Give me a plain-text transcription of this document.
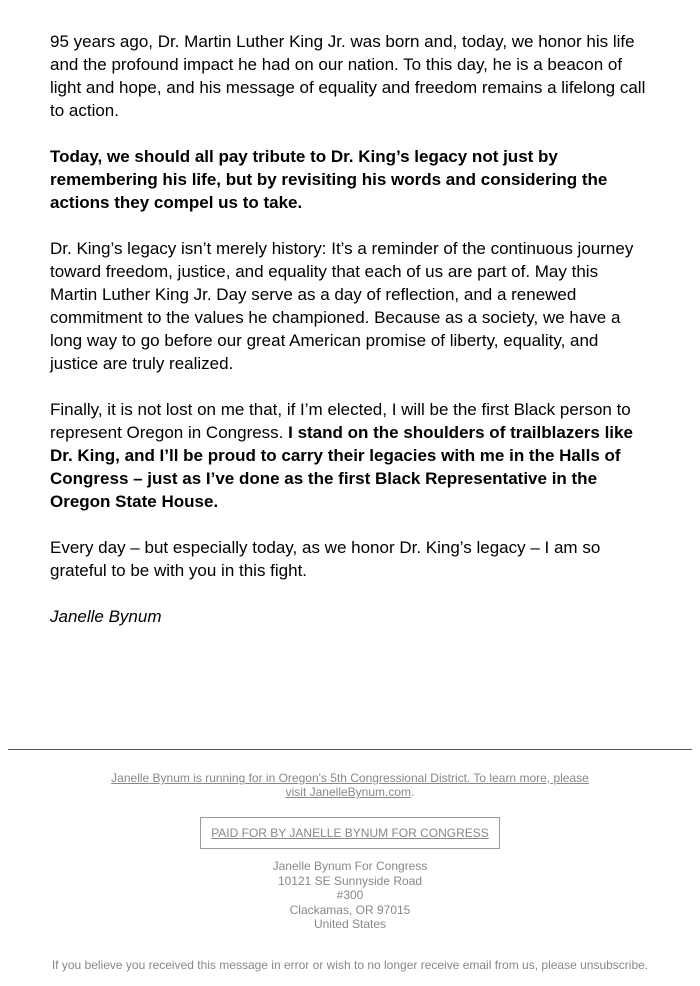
95 years ago, Dr. Martin Luther King Jr. was born and, today, we honor his life and the profound impact he had on our nation. To this day, he is a beacon of light and hope, and his message of equality and freedom remains a lifelong call to action.

Today, we should all pay tribute to Dr. King’s legacy not just by remembering his life, but by revisiting his words and considering the actions they compel us to take.

Dr. King’s legacy isn’t merely history: It’s a reminder of the continuous journey toward freedom, justice, and equality that each of us are part of. May this Martin Luther King Jr. Day serve as a day of reflection, and a renewed commitment to the values he championed. Because as a society, we have a long way to go before our great American promise of liberty, equality, and justice are truly realized.

Finally, it is not lost on me that, if I’m elected, I will be the first Black person to represent Oregon in Congress. I stand on the shoulders of trailblazers like Dr. King, and I’ll be proud to carry their legacies with me in the Halls of Congress – just as I’ve done as the first Black Representative in the Oregon State House.

Every day – but especially today, as we honor Dr. King’s legacy – I am so grateful to be with you in this fight.

Janelle Bynum

Janelle Bynum is running for in Oregon's 5th Congressional District. To learn more, please visit JanelleBynum.com.
PAID FOR BY JANELLE BYNUM FOR CONGRESS
Janelle Bynum For Congress
10121 SE Sunnyside Road
#300
Clackamas, OR 97015
United States
If you believe you received this message in error or wish to no longer receive email from us, please unsubscribe.
